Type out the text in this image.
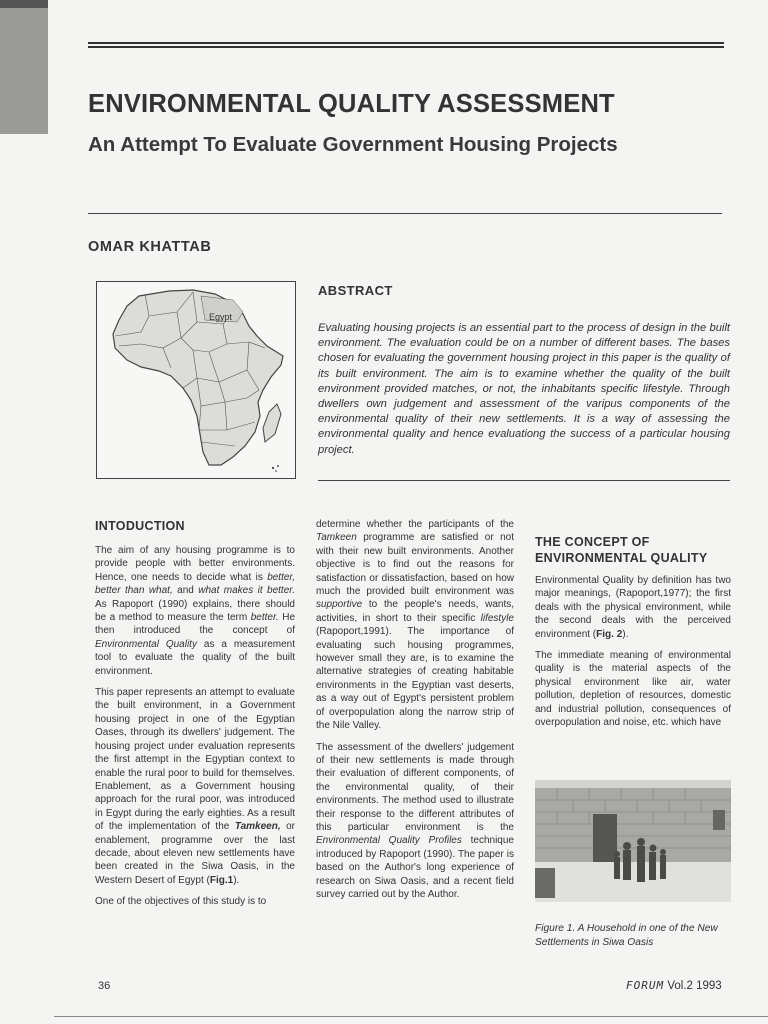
ENVIRONMENTAL QUALITY ASSESSMENT
An Attempt To Evaluate Government Housing Projects
OMAR KHATTAB
Egypt
ABSTRACT

Evaluating housing projects is an essential part to the process of design in the built environment. The evaluation could be on a number of different bases. The bases chosen for evaluating the government housing project in this paper is the quality of its built environment. The aim is to examine whether the quality of the built environment provided matches, or not, the inhabitants specific lifestyle. Through dwellers own judgement and assessment of the varipus components of the environmental quality of their new settlements. It is a way of assessing the environmental quality and hence evaluationg the success of a particular housing project.

INTODUCTION

The aim of any housing programme is to provide people with better environments. Hence, one needs to decide what is better, better than what, and what makes it better. As Rapoport (1990) explains, there should be a method to measure the term better. He then introduced the concept of Environmental Quality as a measurement tool to evaluate the quality of the built environment.

This paper represents an attempt to evaluate the built environment, in a Government housing project in one of the Egyptian Oases, through its dwellers' judgement. The housing project under evaluation represents the first attempt in the Egyptian context to enable the rural poor to build for themselves. Enablement, as a Government housing approach for the rural poor, was introduced in Egypt during the early eighties. As a result of the implementation of the Tamkeen, or enablement, programme over the last decade, about eleven new settlements have been created in the Siwa Oasis, in the Western Desert of Egypt (Fig.1).

One of the objectives of this study is to

determine whether the participants of the Tamkeen programme are satisfied or not with their new built environments. Another objective is to find out the reasons for satisfaction or dissatisfaction, based on how much the provided built environment was supportive to the people's needs, wants, activities, in short to their specific lifestyle (Rapoport,1991). The importance of evaluating such housing programmes, however small they are, is to examine the alternative strategies of creating habitable environments in the Egyptian vast deserts, as a way out of Egypt's persistent problem of overpopulation along the narrow strip of the Nile Valley.

The assessment of the dwellers' judgement of their new settlements is made through their evaluation of different components, of the environmental quality, of their environments. The method used to illustrate their response to the different attributes of this particular environment is the Environmental Quality Profiles technique introduced by Rapoport (1990). The paper is based on the Author's long experience of research on Siwa Oasis, and a recent field survey carried out by the Author.

THE CONCEPT OF ENVIRONMENTAL QUALITY

Environmental Quality by definition has two major meanings, (Rapoport,1977); the first deals with the physical environment, while the second deals with the perceived environment (Fig. 2).

The immediate meaning of environmental quality is the material aspects of the physical environment like air, water pollution, depletion of resources, domestic and industrial pollution, consequences of overpopulation and noise, etc. which have

Figure 1. A Household in one of the New Settlements in Siwa Oasis

36	FORUM Vol.2 1993
